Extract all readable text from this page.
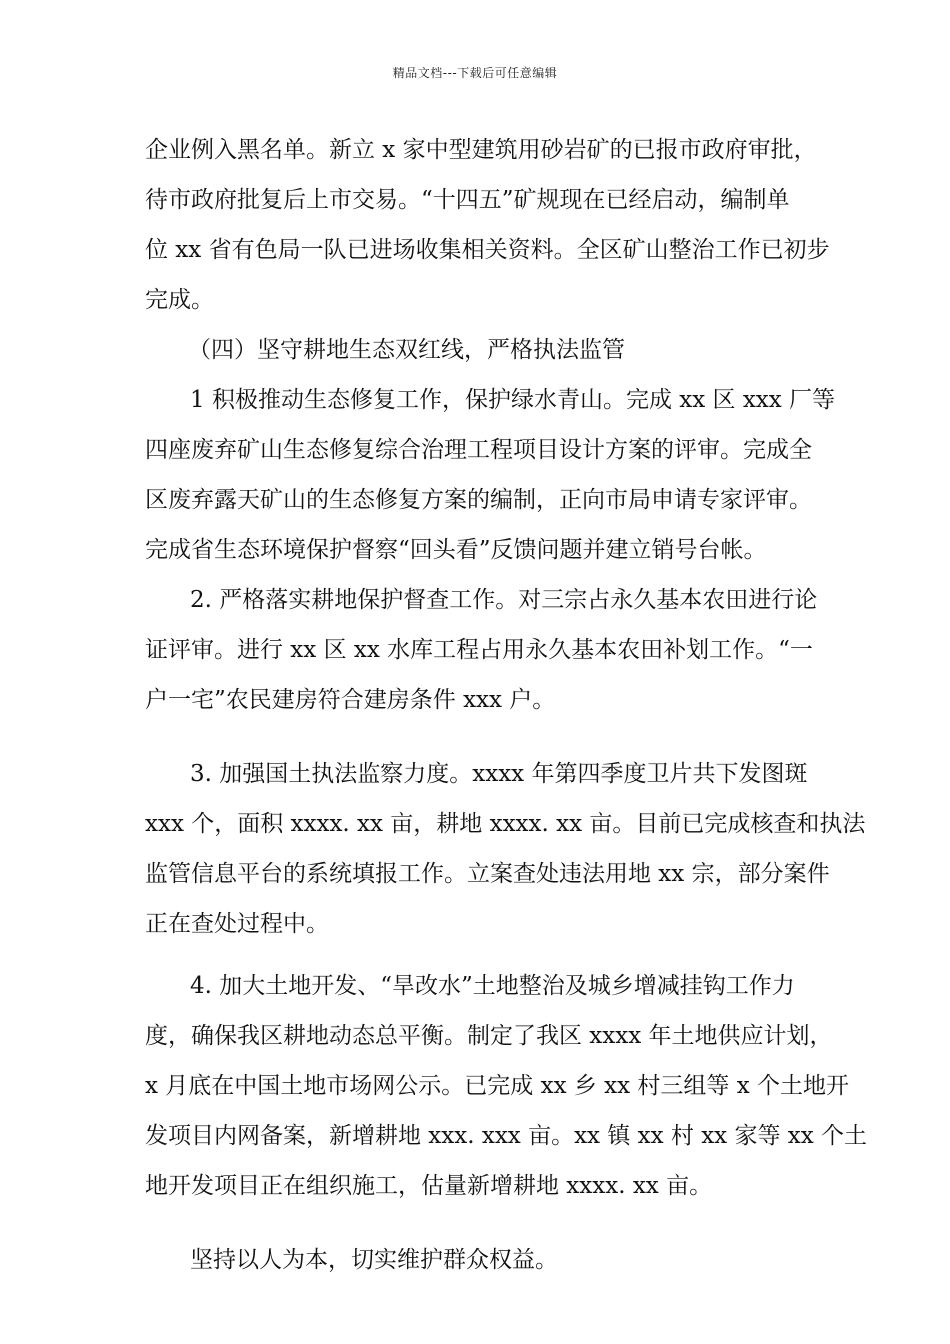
精品文档---下载后可任意编辑
企业例入黑名单。新立 x 家中型建筑用砂岩矿的已报市政府审批，
待市政府批复后上市交易。“十四五”矿规现在已经启动，编制单
位 xx 省有色局一队已进场收集相关资料。全区矿山整治工作已初步
完成。
（四）坚守耕地生态双红线，严格执法监管
1 积极推动生态修复工作，保护绿水青山。完成 xx 区 xxx 厂等
四座废弃矿山生态修复综合治理工程项目设计方案的评审。完成全
区废弃露天矿山的生态修复方案的编制，正向市局申请专家评审。
完成省生态环境保护督察“回头看”反馈问题并建立销号台帐。
2. 严格落实耕地保护督查工作。对三宗占永久基本农田进行论
证评审。进行 xx 区 xx 水库工程占用永久基本农田补划工作。“一
户一宅”农民建房符合建房条件 xxx 户。
3. 加强国土执法监察力度。xxxx 年第四季度卫片共下发图斑
xxx 个，面积 xxxx. xx 亩，耕地 xxxx. xx 亩。目前已完成核查和执法
监管信息平台的系统填报工作。立案查处违法用地 xx 宗，部分案件
正在查处过程中。
4. 加大土地开发、“旱改水”土地整治及城乡增减挂钩工作力
度，确保我区耕地动态总平衡。制定了我区 xxxx 年土地供应计划，
x 月底在中国土地市场网公示。已完成 xx 乡 xx 村三组等 x 个土地开
发项目内网备案，新增耕地 xxx. xxx 亩。xx 镇 xx 村 xx 家等 xx 个土
地开发项目正在组织施工，估量新增耕地 xxxx. xx 亩。
坚持以人为本，切实维护群众权益。
